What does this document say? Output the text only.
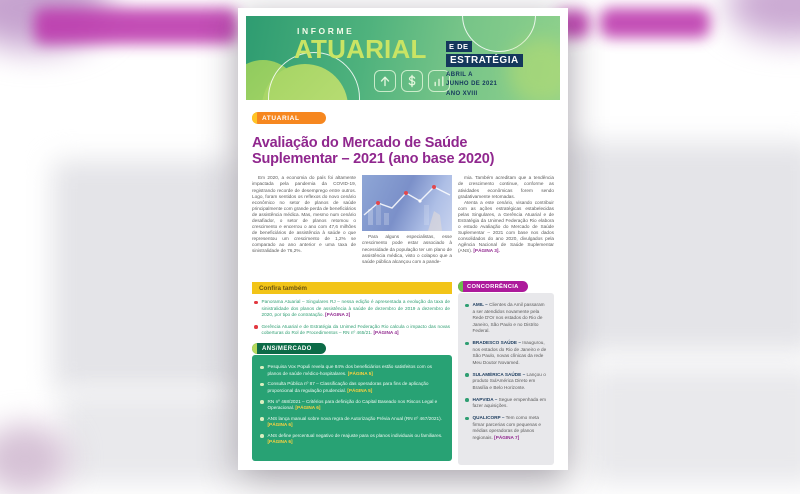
INFORME
ATUARIAL	E DE
ESTRATÉGIA
ABRIL A
JUNHO DE 2021
ANO XVIII
ATUARIAL
Avaliação do Mercado de Saúde Suplementar – 2021 (ano base 2020)

Em 2020, a economia do país foi altamente impactada pela pandemia da COVID-19, registrando recorde de desemprego entre outros. Logo, foram sentidos os reflexos do novo cenário econômico no setor de planos de saúde principalmente com grande perda de beneficiários de assistência médica. Mas, mesmo num cenário desafiador, o setor de planos retomou o crescimento e encerrou o ano com 47,6 milhões de beneficiários de assistência à saúde o que representou um crescimento de 1,2% se comparado ao ano anterior e uma taxa de sinistralidade de 76,2%.

Para alguns especialistas, esse crescimento pode estar associado à necessidade da população ter um plano de assistência médica, visto o colapso que a saúde pública alcançou com a pande-

Confira também

Panorama Atuarial – Singulares RJ – nessa edição é apresentada a evolução da taxa de sinistralidade dos planos de assistência à saúde de dezembro de 2019 a dezembro de 2020, por tipo de contratação. [PÁGINA 2]

Gerência Atuarial e de Estratégia da Unimed Federação Rio calcula o impacto das novas coberturas do Rol de Procedimentos – RN nº 465/21. [PÁGINA 4]

ANS/MERCADO

Pesquisa Vox Populi revela que 84% dos beneficiários estão satisfeitos com os planos de saúde médico-hospitalares. [PÁGINA 5]

Consulta Pública nº 87 – Classificação das operadoras para fins de aplicação proporcional da regulação prudencial. [PÁGINA 5]

RN nº 468/2021 – Critérios para definição do Capital Baseado nos Riscos Legal e Operacional. [PÁGINA 6]

ANS lança manual sobre nova regra de Autorização Prévia Anual (RN nº 467/2021). [PÁGINA 6]

ANS define percentual negativo de reajuste para os planos individuais ou familiares. [PÁGINA 6]

mia. Também acreditam que a tendência de crescimento continue, conforme as atividades econômicas forem sendo gradativamente retomadas.

Atenta a este cenário, visando contribuir com as ações estratégicas estabelecidas pelas Singulares, a Gerência Atuarial e de Estratégia da Unimed Federação Rio elabora o estudo Avaliação do Mercado de Saúde Suplementar – 2021 com base nos dados consolidados do ano 2020, divulgados pela Agência Nacional de Saúde Suplementar (ANS). [PÁGINA 3].

CONCORRÊNCIA

AMIL – Clientes da Amil passaram a ser atendidos novamente pela Rede D'Or nos estados do Rio de Janeiro, São Paulo e no Distrito Federal.

BRADESCO SAÚDE – Inaugurou, nos estados do Rio de Janeiro e de São Paulo, novas clínicas da rede Meu Doutor Novamed.

SULAMÉRICA SAÚDE – Lançou o produto SulAmérica Direto em Brasília e Belo Horizonte.

HAPVIDA – Segue empenhada em fazer aquisições.

QUALICORP – Tem como meta firmar parcerias com pequenas e médias operadoras de planos regionais. [PÁGINA 7]
